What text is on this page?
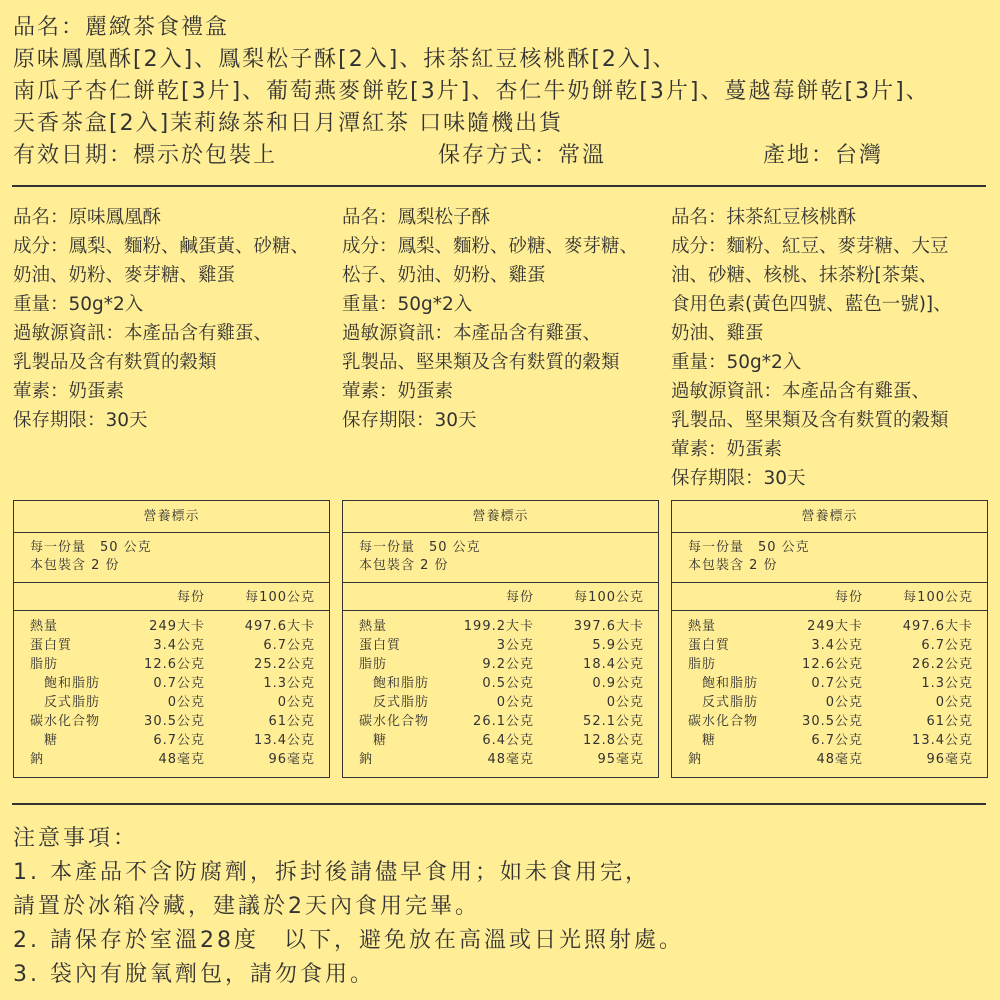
品名：麗緻茶食禮盒
原味鳳凰酥[2入]、鳳梨松子酥[2入]、抹茶紅豆核桃酥[2入]、
南瓜子杏仁餅乾[3片]、葡萄燕麥餅乾[3片]、杏仁牛奶餅乾[3片]、蔓越莓餅乾[3片]、
天香茶盒[2入]茉莉綠茶和日月潭紅茶 口味隨機出貨
有效日期：標示於包裝上	保存方式：常溫	產地：台灣
品名：原味鳳凰酥
成分：鳳梨、麵粉、鹹蛋黃、砂糖、
奶油、奶粉、麥芽糖、雞蛋
重量：50g*2入
過敏源資訊：本產品含有雞蛋、
乳製品及含有麩質的穀類
葷素：奶蛋素
保存期限：30天
品名：鳳梨松子酥
成分：鳳梨、麵粉、砂糖、麥芽糖、
松子、奶油、奶粉、雞蛋
重量：50g*2入
過敏源資訊：本產品含有雞蛋、
乳製品、堅果類及含有麩質的穀類
葷素：奶蛋素
保存期限：30天
品名：抹茶紅豆核桃酥
成分：麵粉、紅豆、麥芽糖、大豆
油、砂糖、核桃、抹茶粉[茶葉、
食用色素(黃色四號、藍色一號)]、
奶油、雞蛋
重量：50g*2入
過敏源資訊：本產品含有雞蛋、
乳製品、堅果類及含有麩質的穀類
葷素：奶蛋素
保存期限：30天
營養標示
每一份量　50 公克
本包裝含 2 份
每份	每100公克
熱量	249大卡	497.6大卡
蛋白質	3.4公克	6.7公克
脂肪	12.6公克	25.2公克
飽和脂肪	0.7公克	1.3公克
反式脂肪	0公克	0公克
碳水化合物	30.5公克	61公克
糖	6.7公克	13.4公克
鈉	48毫克	96毫克
營養標示
每一份量　50 公克
本包裝含 2 份
每份	每100公克
熱量	199.2大卡	397.6大卡
蛋白質	3公克	5.9公克
脂肪	9.2公克	18.4公克
飽和脂肪	0.5公克	0.9公克
反式脂肪	0公克	0公克
碳水化合物	26.1公克	52.1公克
糖	6.4公克	12.8公克
鈉	48毫克	95毫克
營養標示
每一份量　50 公克
本包裝含 2 份
每份	每100公克
熱量	249大卡	497.6大卡
蛋白質	3.4公克	6.7公克
脂肪	12.6公克	26.2公克
飽和脂肪	0.7公克	1.3公克
反式脂肪	0公克	0公克
碳水化合物	30.5公克	61公克
糖	6.7公克	13.4公克
鈉	48毫克	96毫克
注意事項：
1. 本產品不含防腐劑，拆封後請儘早食用；如未食用完，
請置於冰箱冷藏，建議於2天內食用完畢。
2. 請保存於室溫28度　以下，避免放在高溫或日光照射處。
3. 袋內有脫氧劑包，請勿食用。
